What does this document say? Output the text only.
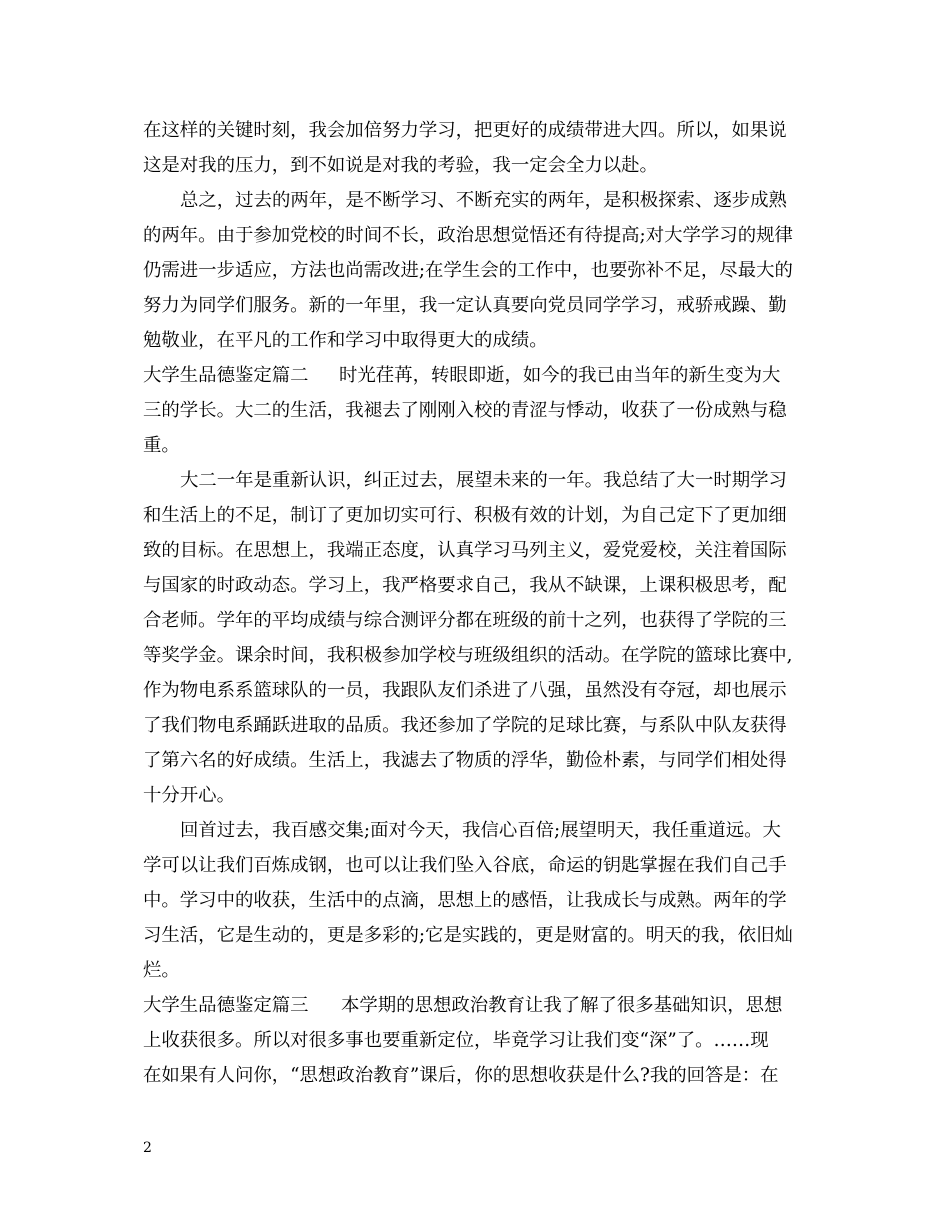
在这样的关键时刻，我会加倍努力学习，把更好的成绩带进大四。所以，如果说
这是对我的压力，到不如说是对我的考验，我一定会全力以赴。
总之，过去的两年，是不断学习、不断充实的两年，是积极探索、逐步成熟
的两年。由于参加党校的时间不长，政治思想觉悟还有待提高;对大学学习的规律
仍需进一步适应，方法也尚需改进;在学生会的工作中，也要弥补不足，尽最大的
努力为同学们服务。新的一年里，我一定认真要向党员同学学习，戒骄戒躁、勤
勉敬业，在平凡的工作和学习中取得更大的成绩。
大学生品德鉴定篇二 时光荏苒，转眼即逝，如今的我已由当年的新生变为大
三的学长。大二的生活，我褪去了刚刚入校的青涩与悸动，收获了一份成熟与稳
重。
大二一年是重新认识，纠正过去，展望未来的一年。我总结了大一时期学习
和生活上的不足，制订了更加切实可行、积极有效的计划，为自己定下了更加细
致的目标。在思想上，我端正态度，认真学习马列主义，爱党爱校，关注着国际
与国家的时政动态。学习上，我严格要求自己，我从不缺课，上课积极思考，配
合老师。学年的平均成绩与综合测评分都在班级的前十之列，也获得了学院的三
等奖学金。课余时间，我积极参加学校与班级组织的活动。在学院的篮球比赛中,
作为物电系系篮球队的一员，我跟队友们杀进了八强，虽然没有夺冠，却也展示
了我们物电系踊跃进取的品质。我还参加了学院的足球比赛，与系队中队友获得
了第六名的好成绩。生活上，我滤去了物质的浮华，勤俭朴素，与同学们相处得
十分开心。
回首过去，我百感交集;面对今天，我信心百倍;展望明天，我任重道远。大
学可以让我们百炼成钢，也可以让我们坠入谷底，命运的钥匙掌握在我们自己手
中。学习中的收获，生活中的点滴，思想上的感悟，让我成长与成熟。两年的学
习生活，它是生动的，更是多彩的;它是实践的，更是财富的。明天的我，依旧灿
烂。
大学生品德鉴定篇三 本学期的思想政治教育让我了解了很多基础知识，思想
上收获很多。所以对很多事也要重新定位，毕竟学习让我们变“深”了。……现
在如果有人问你，“思想政治教育”课后，你的思想收获是什么?我的回答是：在
2
